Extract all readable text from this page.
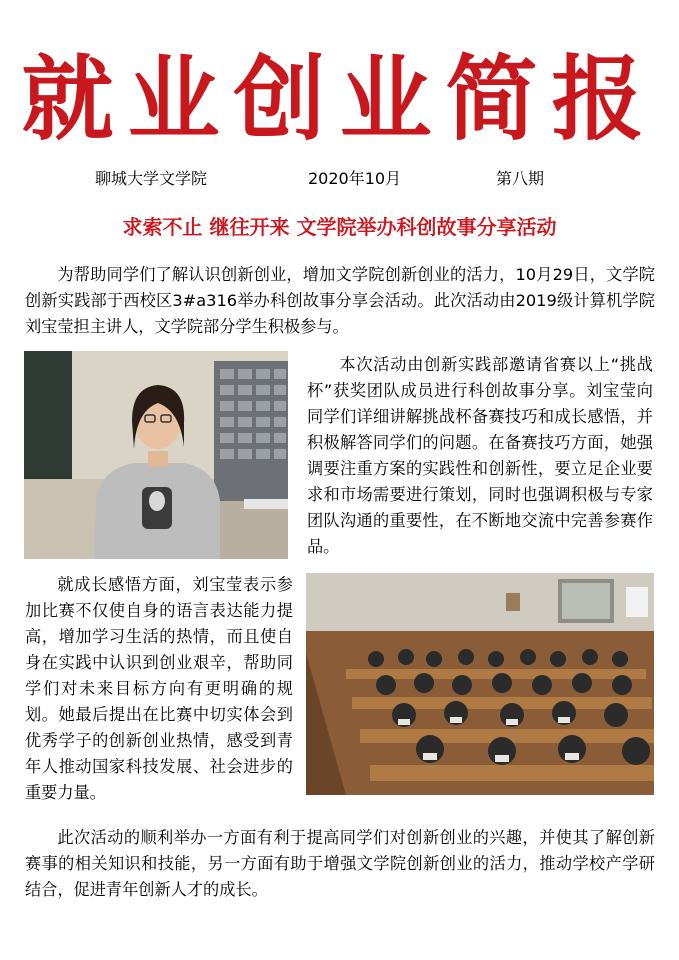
就业创业简报
聊城大学文学院	2020年10月	第八期
求索不止 继往开来 文学院举办科创故事分享活动

为帮助同学们了解认识创新创业，增加文学院创新创业的活力，10月29日，文学院创新实践部于西校区3#a316举办科创故事分享会活动。此次活动由2019级计算机学院刘宝莹担主讲人，文学院部分学生积极参与。

本次活动由创新实践部邀请省赛以上“挑战杯”获奖团队成员进行科创故事分享。刘宝莹向同学们详细讲解挑战杯备赛技巧和成长感悟，并积极解答同学们的问题。在备赛技巧方面，她强调要注重方案的实践性和创新性，要立足企业要求和市场需要进行策划，同时也强调积极与专家团队沟通的重要性，在不断地交流中完善参赛作品。

就成长感悟方面，刘宝莹表示参加比赛不仅使自身的语言表达能力提高，增加学习生活的热情，而且使自身在实践中认识到创业艰辛，帮助同学们对未来目标方向有更明确的规划。她最后提出在比赛中切实体会到优秀学子的创新创业热情，感受到青年人推动国家科技发展、社会进步的重要力量。

此次活动的顺利举办一方面有利于提高同学们对创新创业的兴趣，并使其了解创新赛事的相关知识和技能，另一方面有助于增强文学院创新创业的活力，推动学校产学研结合，促进青年创新人才的成长。
